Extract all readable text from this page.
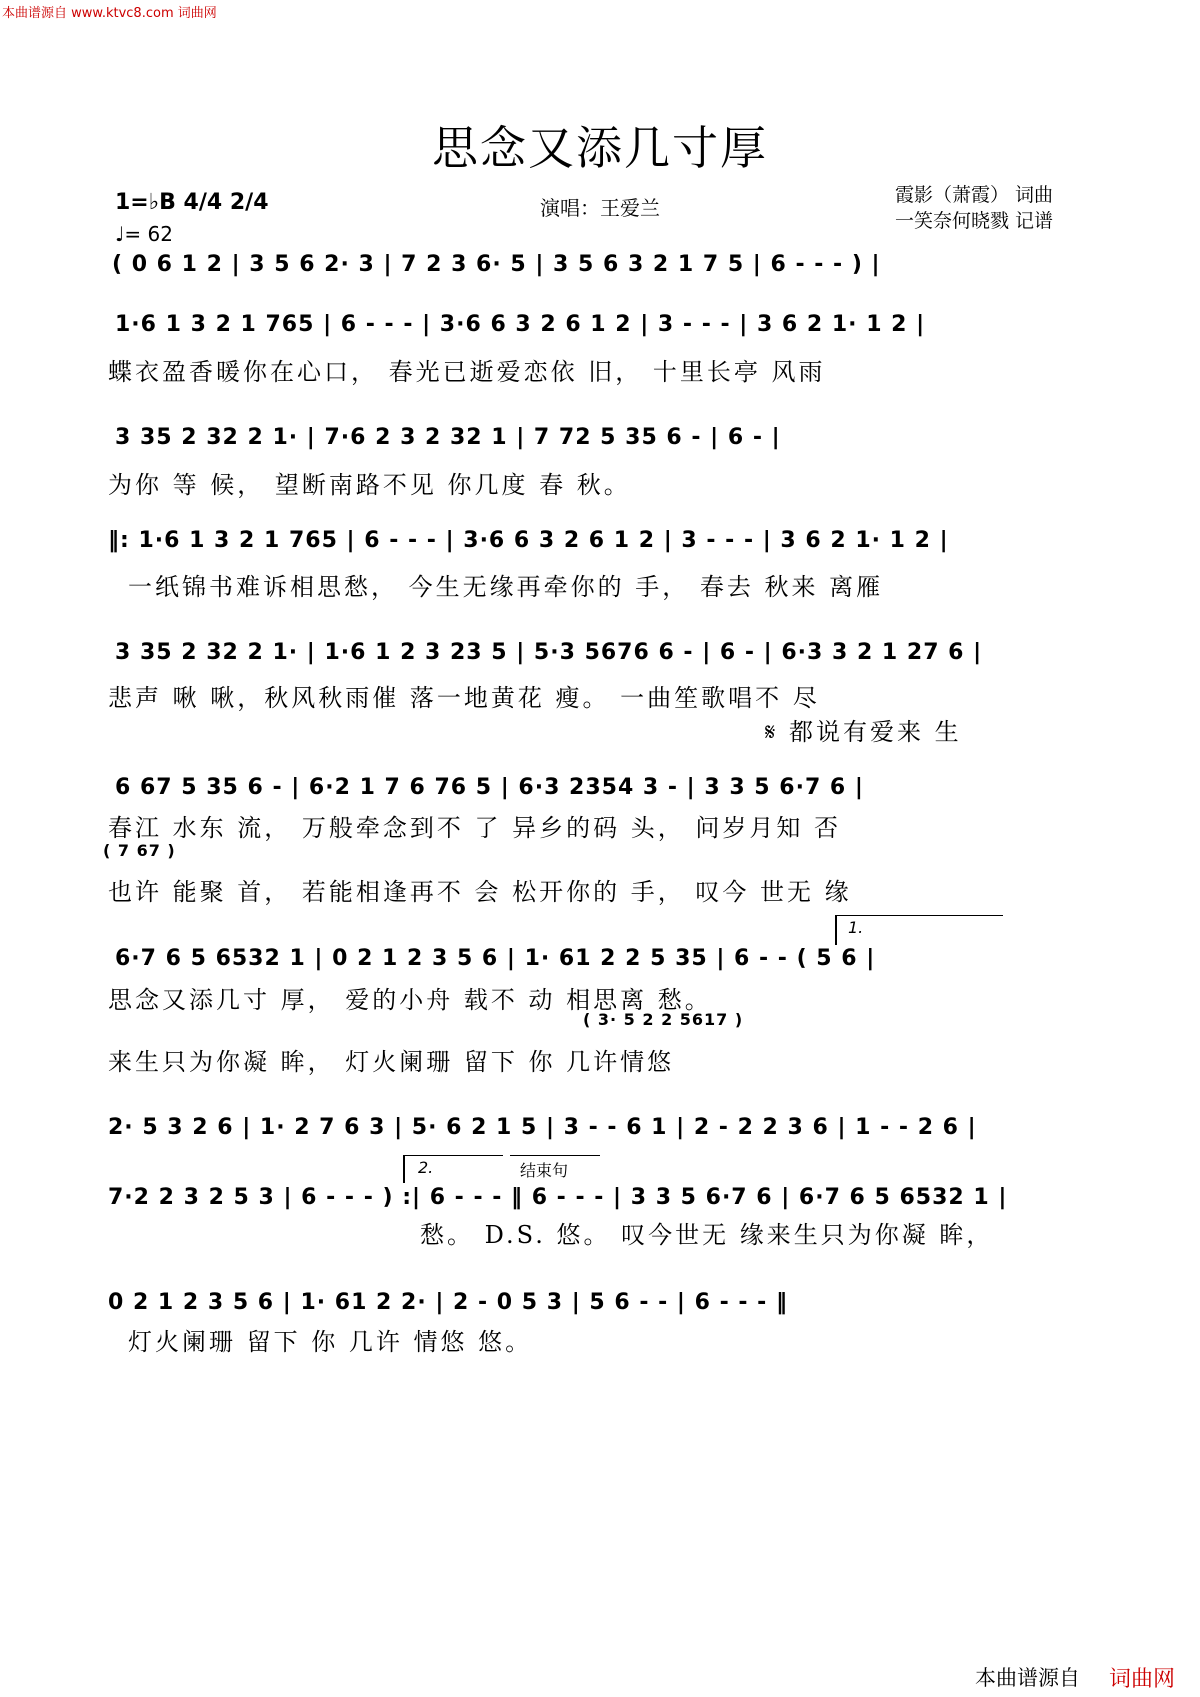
本曲谱源自 www.ktvc8.com 词曲网
思念又添几寸厚
1=♭B 4/4 2/4
♩= 62
演唱：王爱兰
霞影（萧霞） 词曲
一笑奈何晓戮 记谱
( 0 6 1 2 | 3 5 6 2· 3 | 7 2 3 6· 5 | 3 5 6 3 2 1 7 5 | 6 - - - ) |
1·6 1 3 2 1 765 | 6 - - - | 3·6 6 3 2 6 1 2 | 3 - - - | 3 6 2 1· 1 2 |
蝶衣盈香暖你在心口， 春光已逝爱恋依 旧， 十里长亭 风雨
3 35 2 32 2 1· | 7·6 2 3 2 32 1 | 7 72 5 35 6 - | 6 - |
为你 等 候， 望断南路不见 你几度 春 秋。
‖: 1·6 1 3 2 1 765 | 6 - - - | 3·6 6 3 2 6 1 2 | 3 - - - | 3 6 2 1· 1 2 |
一纸锦书难诉相思愁， 今生无缘再牵你的 手， 春去 秋来 离雁
3 35 2 32 2 1· | 1·6 1 2 3 23 5 | 5·3 5676 6 - | 6 - | 6·3 3 2 1 27 6 |
悲声 啾 啾，秋风秋雨催 落一地黄花 瘦。 一曲笙歌唱不 尽
𝄋 都说有爱来 生
6 67 5 35 6 - | 6·2 1 7 6 76 5 | 6·3 2354 3 - | 3 3 5 6·7 6 |
春江 水东 流， 万般牵念到不 了 异乡的码 头， 问岁月知 否
( 7 67 )
也许 能聚 首， 若能相逢再不 会 松开你的 手， 叹今 世无 缘
1.
6·7 6 5 6532 1 | 0 2 1 2 3 5 6 | 1· 61 2 2 5 35 | 6 - - ( 5 6 |
思念又添几寸 厚， 爱的小舟 载不 动 相思离 愁。
( 3· 5 2 2 5617 )
来生只为你凝 眸， 灯火阑珊 留下 你 几许情悠
2· 5 3 2 6 | 1· 2 7 6 3 | 5· 6 2 1 5 | 3 - - 6 1 | 2 - 2 2 3 6 | 1 - - 2 6 |
2.	结束句
7·2 2 3 2 5 3 | 6 - - - ) :| 6 - - - ‖ 6 - - - | 3 3 5 6·7 6 | 6·7 6 5 6532 1 |
愁。 D.S. 悠。 叹今世无 缘来生只为你凝 眸，
0 2 1 2 3 5 6 | 1· 61 2 2· | 2 - 0 5 3 | 5 6 - - | 6 - - - ‖
灯火阑珊 留下 你 几许 情悠 悠。
本曲谱源自 词曲网
